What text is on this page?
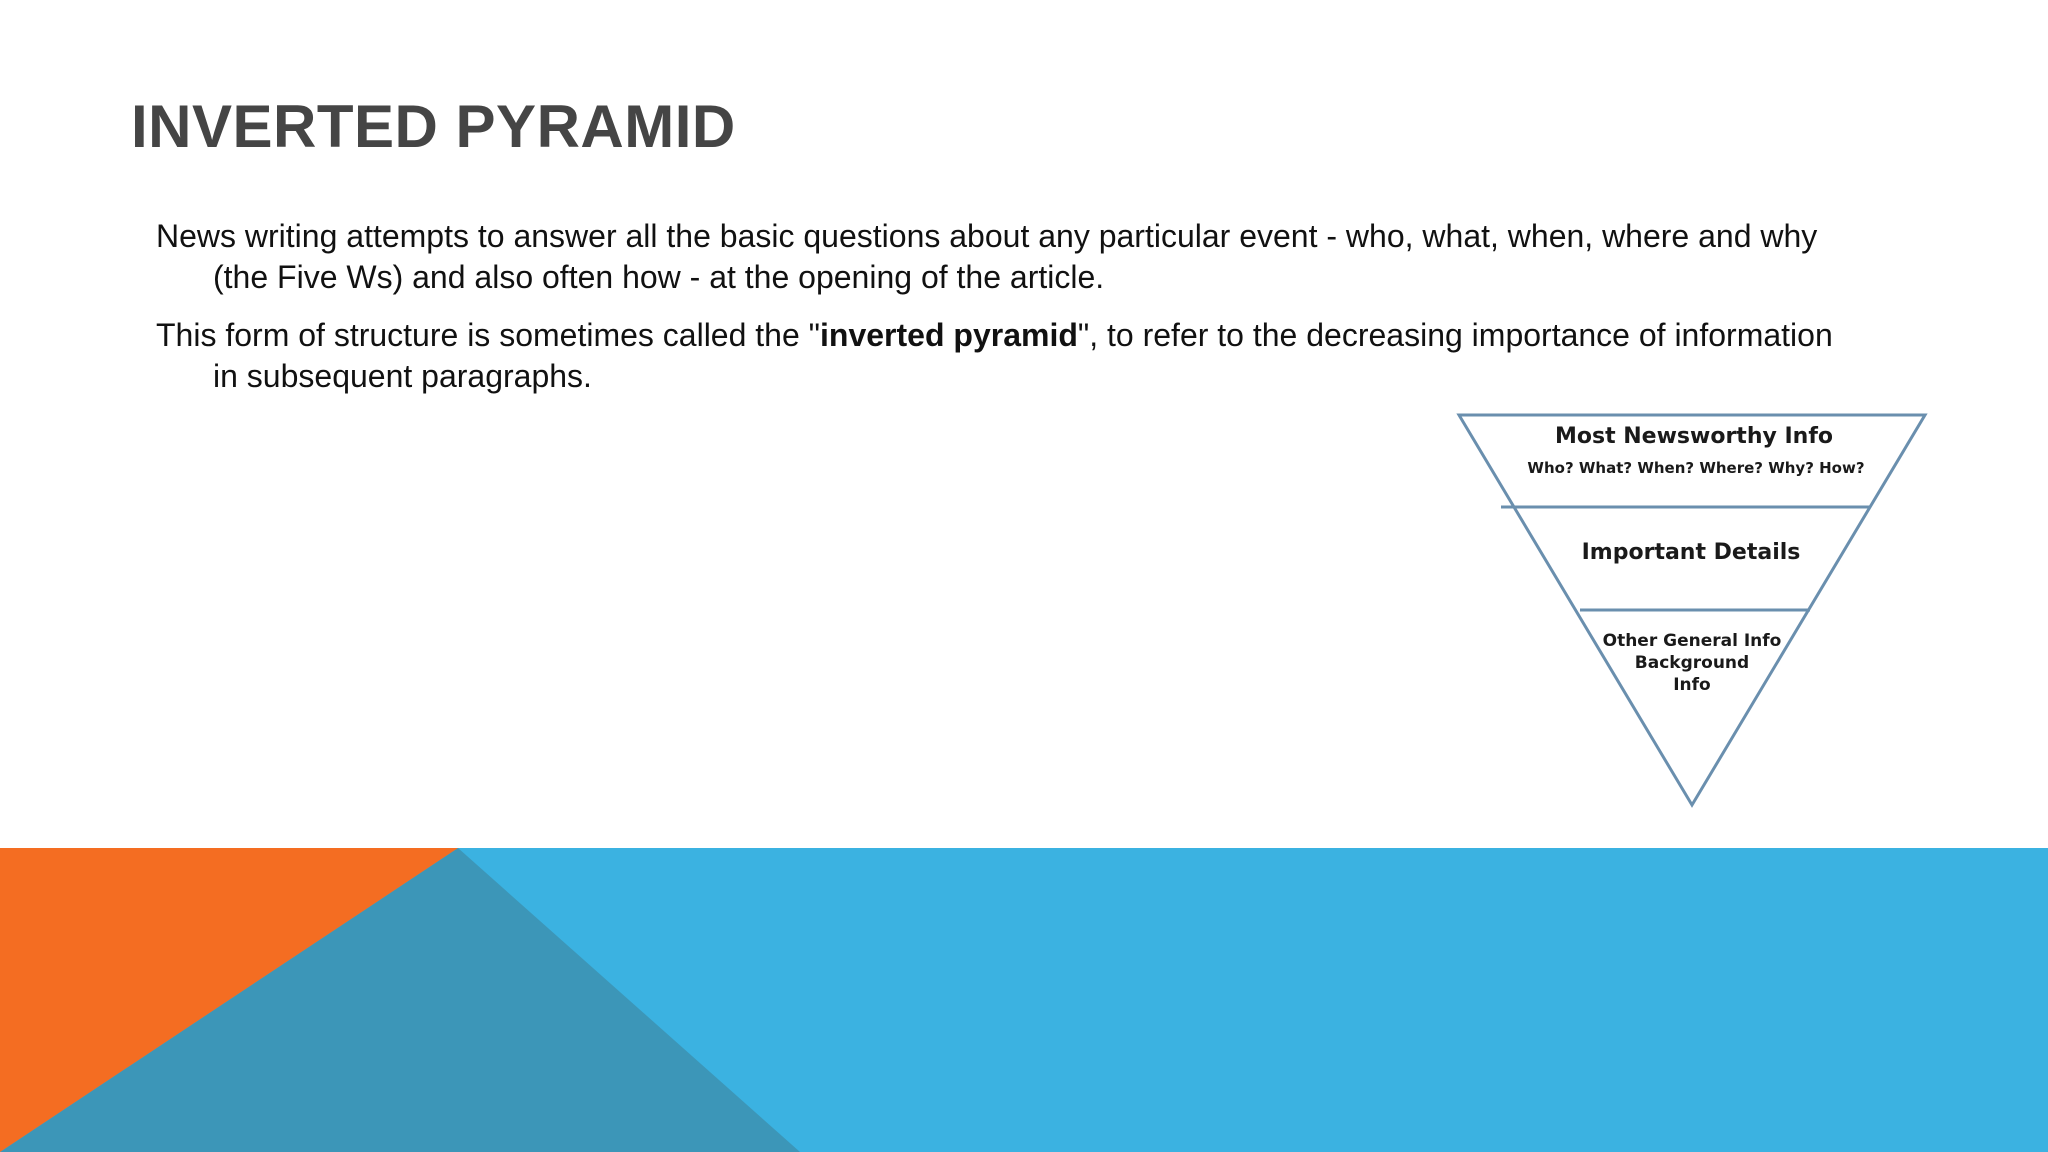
INVERTED PYRAMID

News writing attempts to answer all the basic questions about any particular event - who, what, when, where and why (the Five Ws) and also often how - at the opening of the article.

This form of structure is sometimes called the "inverted pyramid", to refer to the decreasing importance of information in subsequent paragraphs.

Most Newsworthy Info
Who? What? When? Where? Why? How?
Important Details
Other General Info
Background
Info
